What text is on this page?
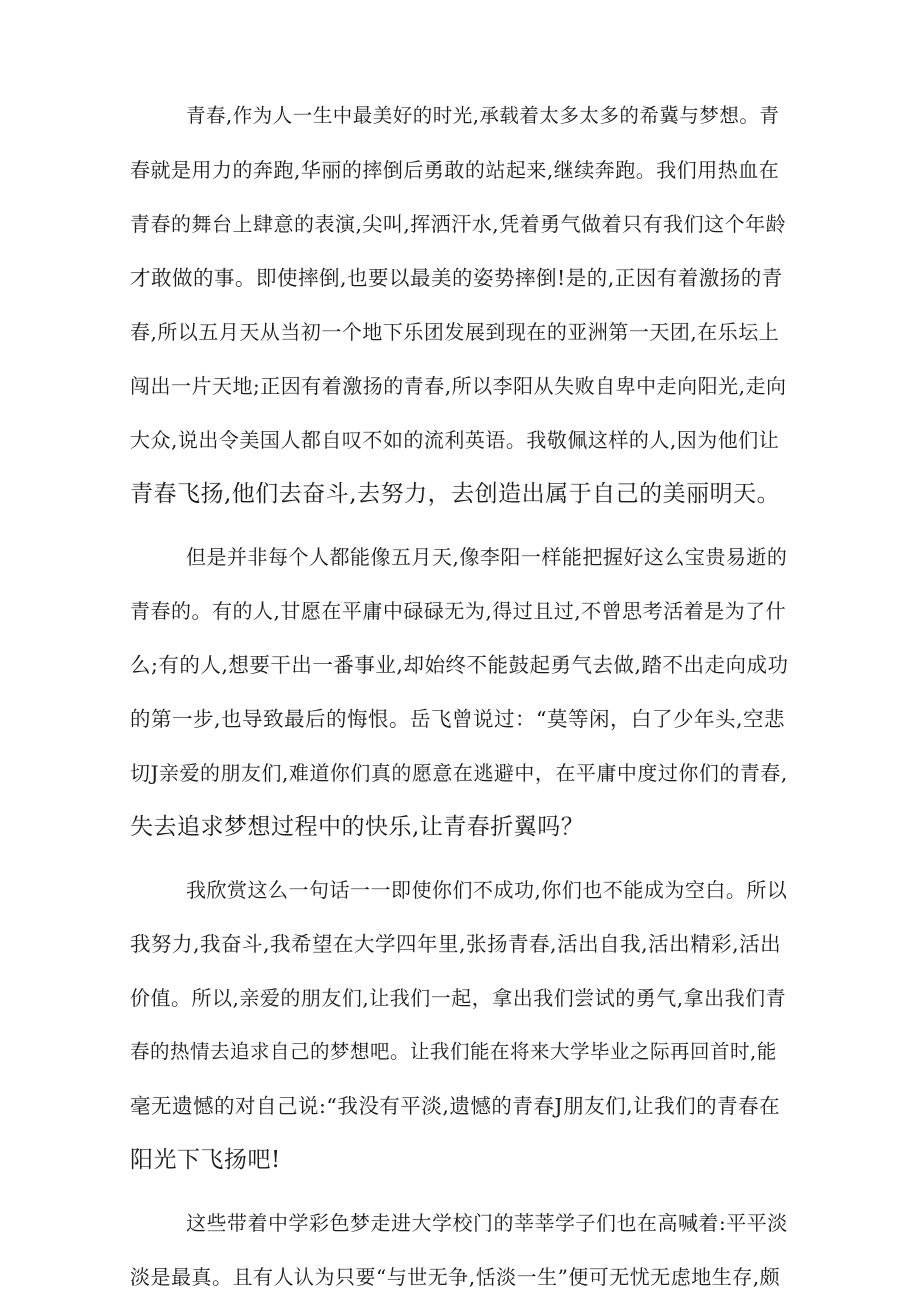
青春,作为人一生中最美好的时光,承载着太多太多的希冀与梦想。青
春就是用力的奔跑,华丽的摔倒后勇敢的站起来,继续奔跑。我们用热血在
青春的舞台上肆意的表演,尖叫,挥洒汗水,凭着勇气做着只有我们这个年龄
才敢做的事。即使摔倒,也要以最美的姿势摔倒!是的,正因有着激扬的青
春,所以五月天从当初一个地下乐团发展到现在的亚洲第一天团,在乐坛上
闯出一片天地;正因有着激扬的青春,所以李阳从失败自卑中走向阳光,走向
大众,说出令美国人都自叹不如的流利英语。我敬佩这样的人,因为他们让
青春飞扬,他们去奋斗,去努力，去创造出属于自己的美丽明天。
但是并非每个人都能像五月天,像李阳一样能把握好这么宝贵易逝的
青春的。有的人,甘愿在平庸中碌碌无为,得过且过,不曾思考活着是为了什
么;有的人,想要干出一番事业,却始终不能鼓起勇气去做,踏不出走向成功
的第一步,也导致最后的悔恨。岳飞曾说过：“莫等闲，白了少年头,空悲
切J亲爱的朋友们,难道你们真的愿意在逃避中，在平庸中度过你们的青春,
失去追求梦想过程中的快乐,让青春折翼吗？
我欣赏这么一句话一一即使你们不成功,你们也不能成为空白。所以
我努力,我奋斗,我希望在大学四年里,张扬青春,活出自我,活出精彩,活出
价值。所以,亲爱的朋友们,让我们一起，拿出我们尝试的勇气,拿出我们青
春的热情去追求自己的梦想吧。让我们能在将来大学毕业之际再回首时,能
毫无遗憾的对自己说:“我没有平淡,遗憾的青春J朋友们,让我们的青春在
阳光下飞扬吧!
这些带着中学彩色梦走进大学校门的莘莘学子们也在高喊着:平平淡
淡是最真。且有人认为只要“与世无争,恬淡一生”便可无忧无虑地生存,颇
